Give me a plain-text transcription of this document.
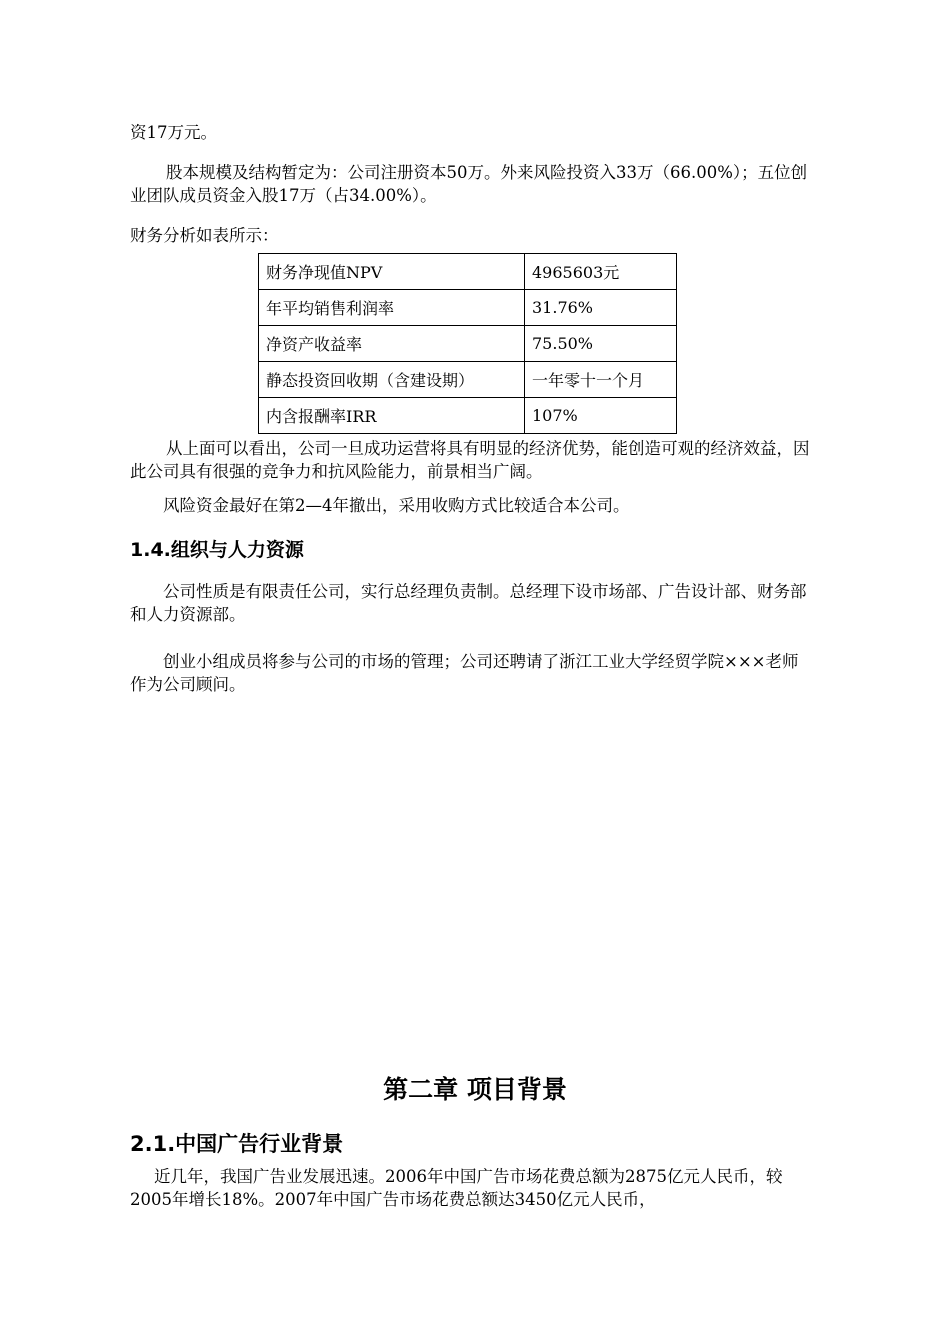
资17万元。

股本规模及结构暂定为：公司注册资本50万。外来风险投资入33万（66.00%）；五位创业团队成员资金入股17万（占34.00%）。

财务分析如表所示：

财务净现值NPV	4965603元
年平均销售利润率	31.76%
净资产收益率	75.50%
静态投资回收期（含建设期）	一年零十一个月
内含报酬率IRR	107%

从上面可以看出，公司一旦成功运营将具有明显的经济优势，能创造可观的经济效益，因此公司具有很强的竞争力和抗风险能力，前景相当广阔。

风险资金最好在第2—4年撤出，采用收购方式比较适合本公司。

1.4.组织与人力资源

公司性质是有限责任公司，实行总经理负责制。总经理下设市场部、广告设计部、财务部和人力资源部。

创业小组成员将参与公司的市场的管理；公司还聘请了浙江工业大学经贸学院×××老师作为公司顾问。

第二章 项目背景
2.1.中国广告行业背景

近几年，我国广告业发展迅速。2006年中国广告市场花费总额为2875亿元人民币，较2005年增长18%。2007年中国广告市场花费总额达3450亿元人民币，
